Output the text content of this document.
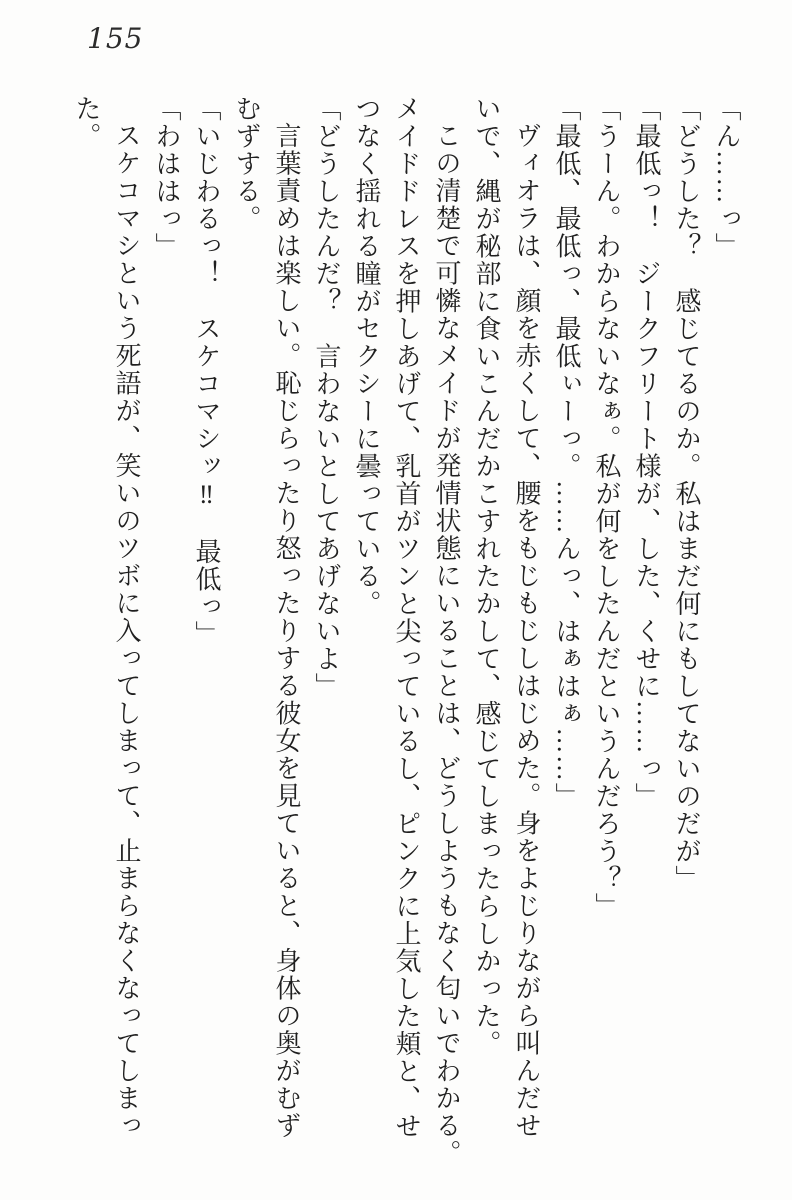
155
「ん……っ」
「どうした？　感じてるのか。私はまだ何にもしてないのだが」
「最低っ！　ジークフリート様が、した、くせに……っ」
「うーん。わからないなぁ。私が何をしたんだというんだろう？」
「最低、最低っ、最低ぃーっ。……んっ、はぁはぁ……」
ヴィオラは、顔を赤くして、腰をもじもじしはじめた。身をよじりながら叫んだせ
いで、縄が秘部に食いこんだかこすれたかして、感じてしまったらしかった。
この清楚で可憐なメイドが発情状態にいることは、どうしようもなく匂いでわかる。
メイドドレスを押しあげて、乳首がツンと尖っているし、ピンクに上気した頬と、せ
つなく揺れる瞳がセクシーに曇っている。
「どうしたんだ？　言わないとしてあげないよ」
言葉責めは楽しい。恥じらったり怒ったりする彼女を見ていると、身体の奥がむず
むずする。
「いじわるっ！　スケコマシッ‼　最低っ」
「わははっ」
スケコマシという死語が、笑いのツボに入ってしまって、止まらなくなってしまっ
た。
